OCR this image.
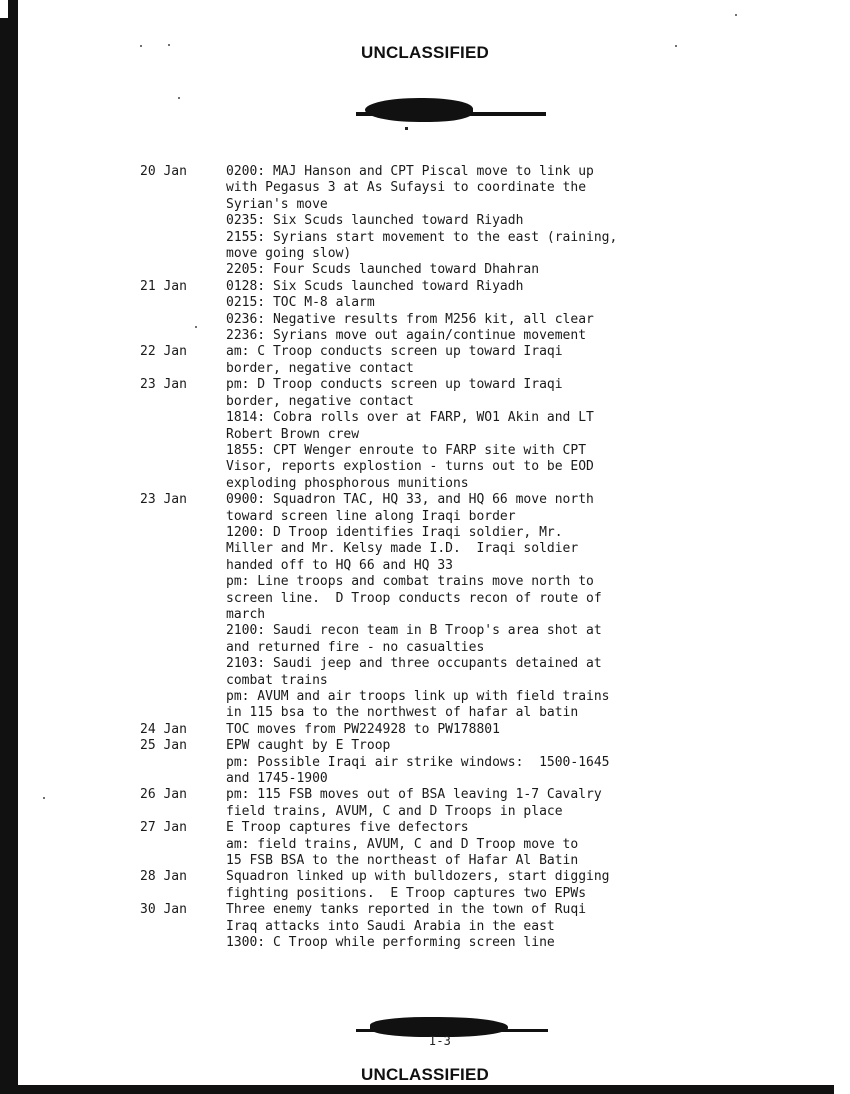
UNCLASSIFIED
20 Jan	0200: MAJ Hanson and CPT Piscal move to link up
with Pegasus 3 at As Sufaysi to coordinate the
Syrian's move
0235: Six Scuds launched toward Riyadh
2155: Syrians start movement to the east (raining,
move going slow)
2205: Four Scuds launched toward Dhahran
21 Jan	0128: Six Scuds launched toward Riyadh
0215: TOC M-8 alarm
0236: Negative results from M256 kit, all clear
2236: Syrians move out again/continue movement
22 Jan	am: C Troop conducts screen up toward Iraqi
border, negative contact
23 Jan	pm: D Troop conducts screen up toward Iraqi
border, negative contact
1814: Cobra rolls over at FARP, WO1 Akin and LT
Robert Brown crew
1855: CPT Wenger enroute to FARP site with CPT
Visor, reports explostion - turns out to be EOD
exploding phosphorous munitions
23 Jan	0900: Squadron TAC, HQ 33, and HQ 66 move north
toward screen line along Iraqi border
1200: D Troop identifies Iraqi soldier, Mr.
Miller and Mr. Kelsy made I.D.  Iraqi soldier
handed off to HQ 66 and HQ 33
pm: Line troops and combat trains move north to
screen line.  D Troop conducts recon of route of
march
2100: Saudi recon team in B Troop's area shot at
and returned fire - no casualties
2103: Saudi jeep and three occupants detained at
combat trains
pm: AVUM and air troops link up with field trains
in 115 bsa to the northwest of hafar al batin
24 Jan	TOC moves from PW224928 to PW178801
25 Jan	EPW caught by E Troop
pm: Possible Iraqi air strike windows:  1500-1645
and 1745-1900
26 Jan	pm: 115 FSB moves out of BSA leaving 1-7 Cavalry
field trains, AVUM, C and D Troops in place
27 Jan	E Troop captures five defectors
am: field trains, AVUM, C and D Troop move to
15 FSB BSA to the northeast of Hafar Al Batin
28 Jan	Squadron linked up with bulldozers, start digging
fighting positions.  E Troop captures two EPWs
30 Jan	Three enemy tanks reported in the town of Ruqi
Iraq attacks into Saudi Arabia in the east
1300: C Troop while performing screen line
I-3
UNCLASSIFIED
